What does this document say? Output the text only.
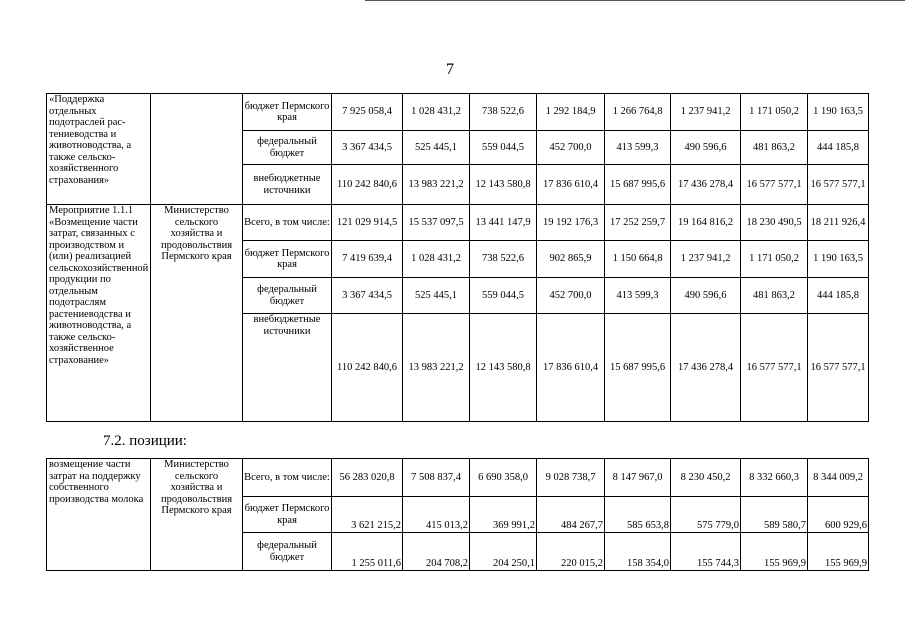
7
«Поддержка отдельных подотраслей растениеводства и животноводства, а также сельскохозяйственного страхования»		бюджет Пермского края	7 925 058,4	1 028 431,2	738 522,6	1 292 184,9	1 266 764,8	1 237 941,2	1 171 050,2	1 190 163,5
		федеральный бюджет	3 367 434,5	525 445,1	559 044,5	452 700,0	413 599,3	490 596,6	481 863,2	444 185,8
		внебюджетные источники	110 242 840,6	13 983 221,2	12 143 580,8	17 836 610,4	15 687 995,6	17 436 278,4	16 577 577,1	16 577 577,1
Мероприятие 1.1.1 «Возмещение части затрат, связанных с производством и (или) реализацией сельскохозяйственной продукции по отдельным подотраслям растениеводства и животноводства, а также сельскохозяйственное страхование»	Министерство сельского хозяйства и продовольствия Пермского края	Всего, в том числе:	121 029 914,5	15 537 097,5	13 441 147,9	19 192 176,3	17 252 259,7	19 164 816,2	18 230 490,5	18 211 926,4
		бюджет Пермского края	7 419 639,4	1 028 431,2	738 522,6	902 865,9	1 150 664,8	1 237 941,2	1 171 050,2	1 190 163,5
		федеральный бюджет	3 367 434,5	525 445,1	559 044,5	452 700,0	413 599,3	490 596,6	481 863,2	444 185,8
		внебюджетные источники	110 242 840,6	13 983 221,2	12 143 580,8	17 836 610,4	15 687 995,6	17 436 278,4	16 577 577,1	16 577 577,1
7.2. позиции:
возмещение части затрат на поддержку собственного производства молока	Министерство сельского хозяйства и продовольствия Пермского края	Всего, в том числе:	56 283 020,8	7 508 837,4	6 690 358,0	9 028 738,7	8 147 967,0	8 230 450,2	8 332 660,3	8 344 009,2
		бюджет Пермского края	3 621 215,2	415 013,2	369 991,2	484 267,7	585 653,8	575 779,0	589 580,7	600 929,6
		федеральный бюджет	1 255 011,6	204 708,2	204 250,1	220 015,2	158 354,0	155 744,3	155 969,9	155 969,9
